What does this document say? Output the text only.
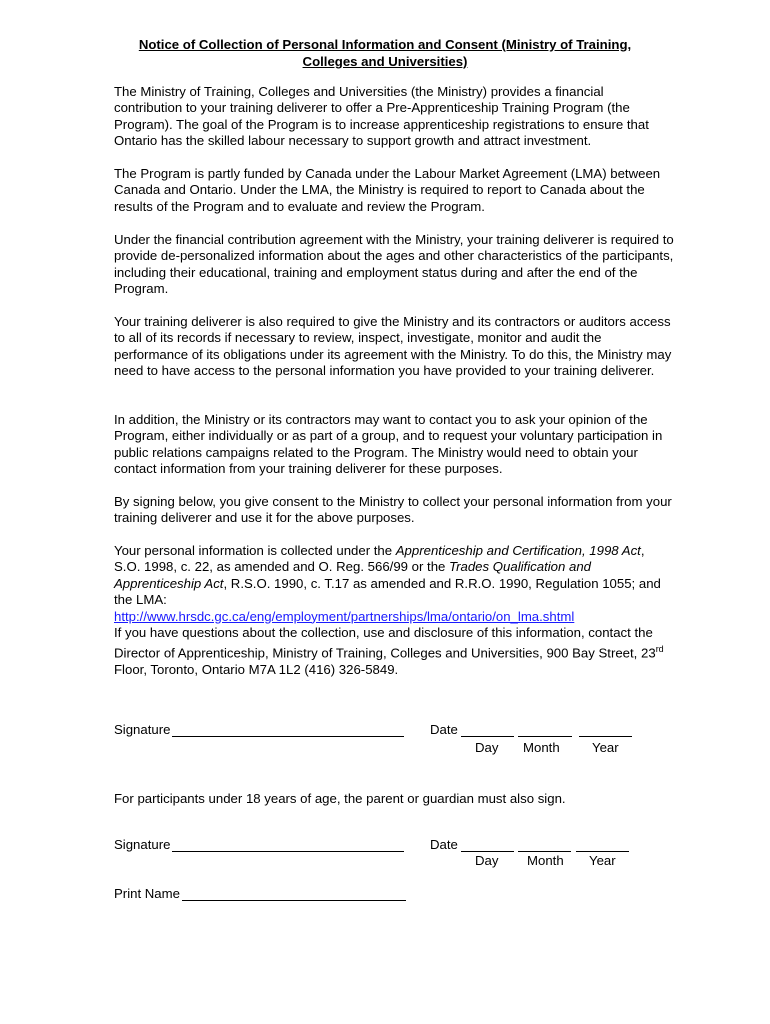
Notice of Collection of Personal Information and Consent (Ministry of Training,
Colleges and Universities)

The Ministry of Training, Colleges and Universities (the Ministry) provides a financial contribution to your training deliverer to offer a Pre-Apprenticeship Training Program (the Program). The goal of the Program is to increase apprenticeship registrations to ensure that Ontario has the skilled labour necessary to support growth and attract investment.

The Program is partly funded by Canada under the Labour Market Agreement (LMA) between Canada and Ontario. Under the LMA, the Ministry is required to report to Canada about the results of the Program and to evaluate and review the Program.

Under the financial contribution agreement with the Ministry, your training deliverer is required to provide de-personalized information about the ages and other characteristics of the participants, including their educational, training and employment status during and after the end of the Program.

Your training deliverer is also required to give the Ministry and its contractors or auditors access to all of its records if necessary to review, inspect, investigate, monitor and audit the performance of its obligations under its agreement with the Ministry. To do this, the Ministry may need to have access to the personal information you have provided to your training deliverer.

In addition, the Ministry or its contractors may want to contact you to ask your opinion of the Program, either individually or as part of a group, and to request your voluntary participation in public relations campaigns related to the Program. The Ministry would need to obtain your contact information from your training deliverer for these purposes.

By signing below, you give consent to the Ministry to collect your personal information from your training deliverer and use it for the above purposes.

Your personal information is collected under the Apprenticeship and Certification, 1998 Act, S.O. 1998, c. 22, as amended and O. Reg. 566/99 or the Trades Qualification and Apprenticeship Act, R.S.O. 1990, c. T.17 as amended and R.R.O. 1990, Regulation 1055; and the LMA:
http://www.hrsdc.gc.ca/eng/employment/partnerships/lma/ontario/on_lma.shtml
If you have questions about the collection, use and disclosure of this information, contact the Director of Apprenticeship, Ministry of Training, Colleges and Universities, 900 Bay Street, 23rd Floor, Toronto, Ontario M7A 1L2 (416) 326-5849.

Signature	Date
Day Month Year
For participants under 18 years of age, the parent or guardian must also sign.
Signature	Date
Day Month Year
Print Name
